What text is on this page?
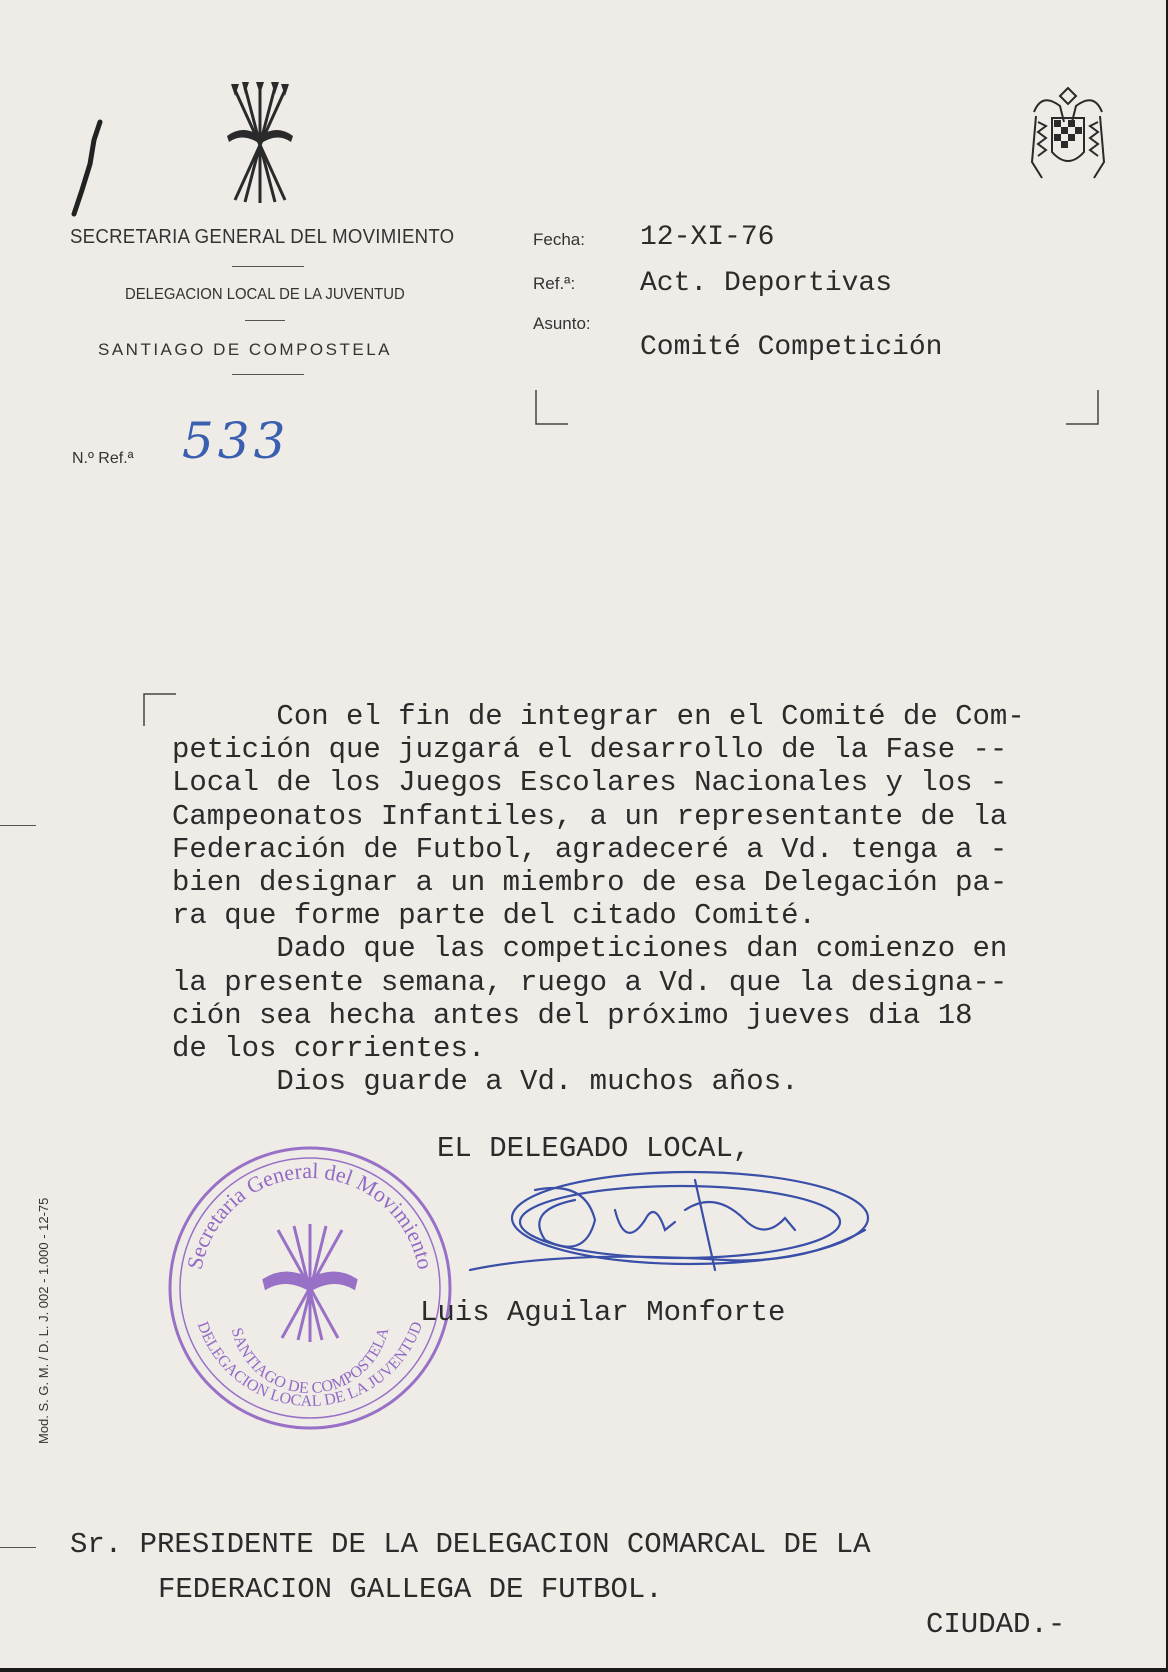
SECRETARIA GENERAL DEL MOVIMIENTO
DELEGACION LOCAL DE LA JUVENTUD
SANTIAGO DE COMPOSTELA
N.º Ref.ª 533
Fecha: 12-XI-76
Ref.ª: Act. Deportivas
Asunto:
Comité Competición
Con el fin de integrar en el Comité de Com-
petición que juzgará el desarrollo de la Fase --
Local de los Juegos Escolares Nacionales y los -
Campeonatos Infantiles, a un representante de la
Federación de Futbol, agradeceré a Vd. tenga a -
bien designar a un miembro de esa Delegación pa-
ra que forme parte del citado Comité.
Dado que las competiciones dan comienzo en
la presente semana, ruego a Vd. que la designa--
ción sea hecha antes del próximo jueves dia 18
de los corrientes.
Dios guarde a Vd. muchos años.
EL DELEGADO LOCAL,
Secretaria General del Movimiento
SANTIAGO DE COMPOSTELA
DELEGACION LOCAL DE LA JUVENTUD
Luis Aguilar Monforte
Mod. S. G. M. / D. L. J. 002 - 1.000 - 12-75
Sr. PRESIDENTE DE LA DELEGACION COMARCAL DE LA
FEDERACION GALLEGA DE FUTBOL.
CIUDAD.-
